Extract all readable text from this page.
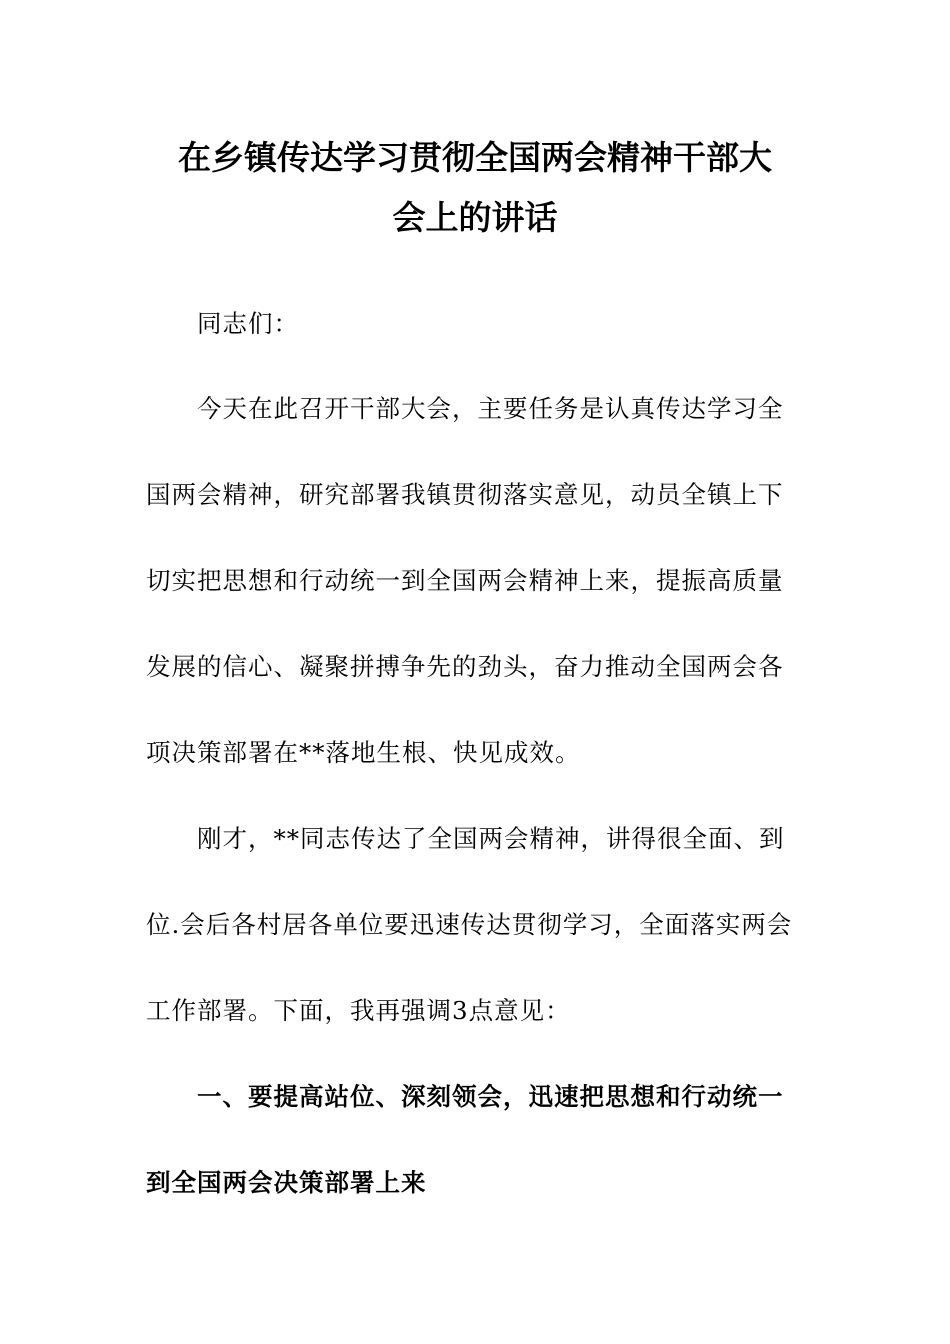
在乡镇传达学习贯彻全国两会精神干部大
会上的讲话
同志们：
今天在此召开干部大会，主要任务是认真传达学习全
国两会精神，研究部署我镇贯彻落实意见，动员全镇上下
切实把思想和行动统一到全国两会精神上来，提振高质量
发展的信心、凝聚拼搏争先的劲头，奋力推动全国两会各
项决策部署在**落地生根、快见成效。
刚才，**同志传达了全国两会精神，讲得很全面、到
位.会后各村居各单位要迅速传达贯彻学习，全面落实两会
工作部署。下面，我再强调3点意见：
一、要提高站位、深刻领会，迅速把思想和行动统一
到全国两会决策部署上来
